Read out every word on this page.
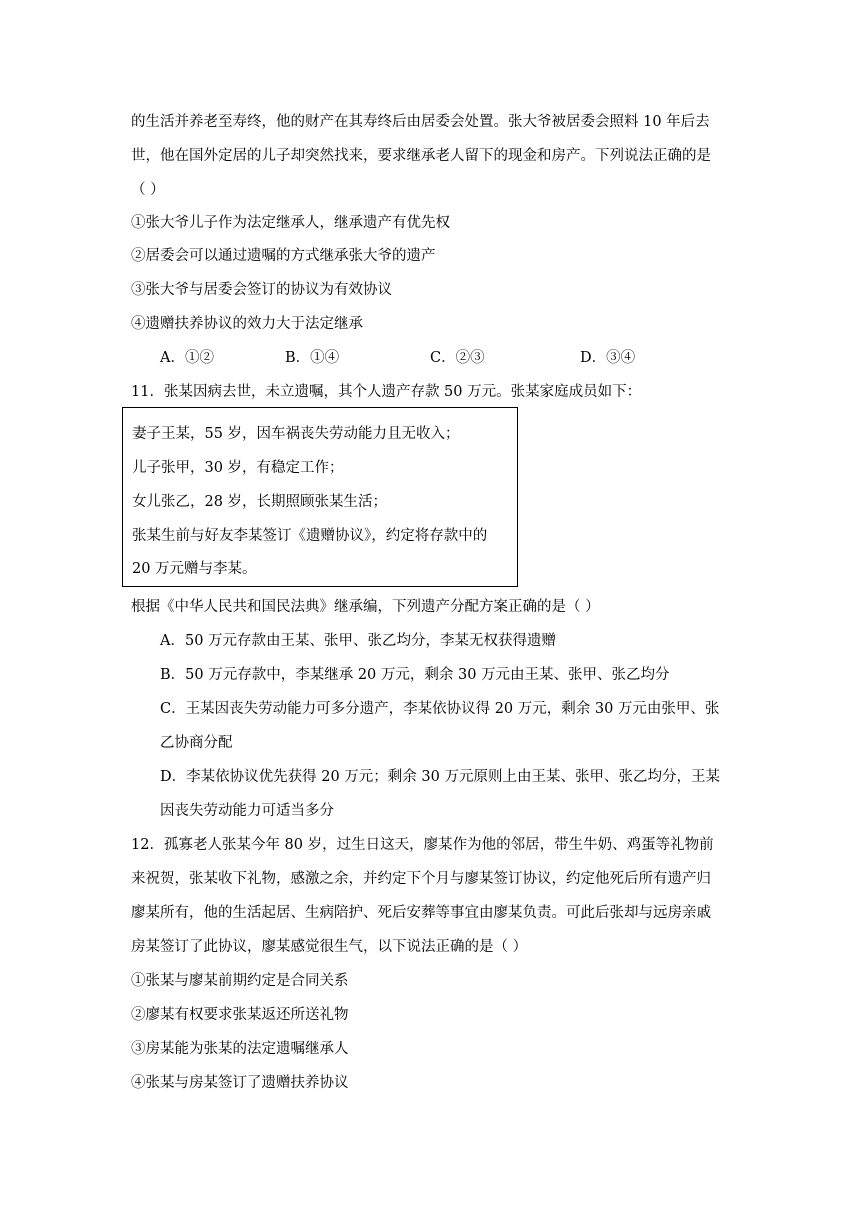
的生活并养老至寿终，他的财产在其寿终后由居委会处置。张大爷被居委会照料 10 年后去
世，他在国外定居的儿子却突然找来，要求继承老人留下的现金和房产。下列说法正确的是
（ ）
①张大爷儿子作为法定继承人，继承遗产有优先权
②居委会可以通过遗嘱的方式继承张大爷的遗产
③张大爷与居委会签订的协议为有效协议
④遗赠扶养协议的效力大于法定继承
A．①②	B．①④	C．②③	D．③④
11．张某因病去世，未立遗嘱，其个人遗产存款 50 万元。张某家庭成员如下：
妻子王某，55 岁，因车祸丧失劳动能力且无收入；
儿子张甲，30 岁，有稳定工作；
女儿张乙，28 岁，长期照顾张某生活；
张某生前与好友李某签订《遗赠协议》，约定将存款中的
20 万元赠与李某。
根据《中华人民共和国民法典》继承编，下列遗产分配方案正确的是（ ）
A．50 万元存款由王某、张甲、张乙均分，李某无权获得遗赠
B．50 万元存款中，李某继承 20 万元，剩余 30 万元由王某、张甲、张乙均分
C．王某因丧失劳动能力可多分遗产，李某依协议得 20 万元，剩余 30 万元由张甲、张
乙协商分配
D．李某依协议优先获得 20 万元；剩余 30 万元原则上由王某、张甲、张乙均分，王某
因丧失劳动能力可适当多分
12．孤寡老人张某今年 80 岁，过生日这天，廖某作为他的邻居，带生牛奶、鸡蛋等礼物前
来祝贺，张某收下礼物，感激之余，并约定下个月与廖某签订协议，约定他死后所有遗产归
廖某所有，他的生活起居、生病陪护、死后安葬等事宜由廖某负责。可此后张却与远房亲戚
房某签订了此协议，廖某感觉很生气，以下说法正确的是（ ）
①张某与廖某前期约定是合同关系
②廖某有权要求张某返还所送礼物
③房某能为张某的法定遗嘱继承人
④张某与房某签订了遗赠扶养协议
